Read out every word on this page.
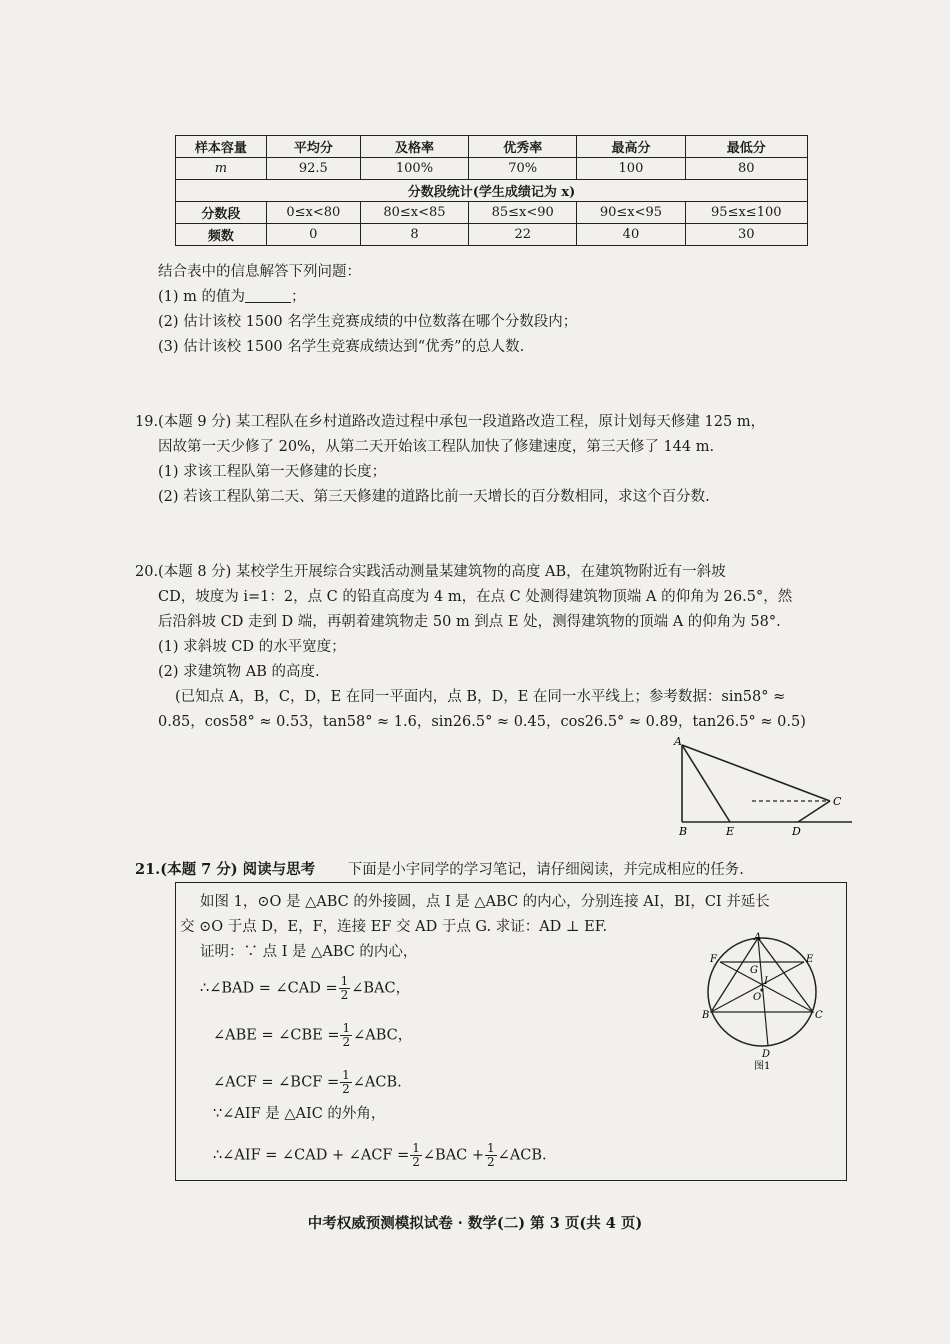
样本容量	平均分	及格率	优秀率	最高分	最低分
m	92.5	100%	70%	100	80
分数段统计(学生成绩记为 x)					
分数段	0≤x<80	80≤x<85	85≤x<90	90≤x<95	95≤x≤100
频数	0	8	22	40	30
结合表中的信息解答下列问题：
(1) m 的值为	；
(2) 估计该校 1500 名学生竞赛成绩的中位数落在哪个分数段内；
(3) 估计该校 1500 名学生竞赛成绩达到“优秀”的总人数.
19.(本题 9 分) 某工程队在乡村道路改造过程中承包一段道路改造工程，原计划每天修建 125 m，
因故第一天少修了 20%，从第二天开始该工程队加快了修建速度，第三天修了 144 m.
(1) 求该工程队第一天修建的长度；
(2) 若该工程队第二天、第三天修建的道路比前一天增长的百分数相同，求这个百分数.
20.(本题 8 分) 某校学生开展综合实践活动测量某建筑物的高度 AB，在建筑物附近有一斜坡
CD，坡度为 i=1：2，点 C 的铅直高度为 4 m，在点 C 处测得建筑物顶端 A 的仰角为 26.5°，然
后沿斜坡 CD 走到 D 端，再朝着建筑物走 50 m 到点 E 处，测得建筑物的顶端 A 的仰角为 58°.
(1) 求斜坡 CD 的水平宽度；
(2) 求建筑物 AB 的高度.
(已知点 A，B，C，D，E 在同一平面内，点 B，D，E 在同一水平线上；参考数据：sin58° ≈
0.85，cos58° ≈ 0.53，tan58° ≈ 1.6，sin26.5° ≈ 0.45，cos26.5° ≈ 0.89，tan26.5° ≈ 0.5)
A
B	E	D
C
21.(本题 7 分) 阅读与思考 下面是小宇同学的学习笔记，请仔细阅读，并完成相应的任务.
如图 1，⊙O 是 △ABC 的外接圆，点 I 是 △ABC 的内心，分别连接 AI，BI，CI 并延长
交 ⊙O 于点 D，E，F，连接 EF 交 AD 于点 G. 求证：AD ⊥ EF.
证明：∵ 点 I 是 △ABC 的内心，
∴∠BAD = ∠CAD = $\frac{1}{2}$ ∠BAC，
∠ABE = ∠CBE = $\frac{1}{2}$ ∠ABC，
∠ACF = ∠BCF = $\frac{1}{2}$ ∠ACB.
∵∠AIF 是 △AIC 的外角，
∴∠AIF = ∠CAD + ∠ACF = $\frac{1}{2}$ ∠BAC + $\frac{1}{2}$ ∠ACB.
A
F	E
G
I
O
B	C
D
图1
中考权威预测模拟试卷 · 数学(二) 第 3 页(共 4 页)
